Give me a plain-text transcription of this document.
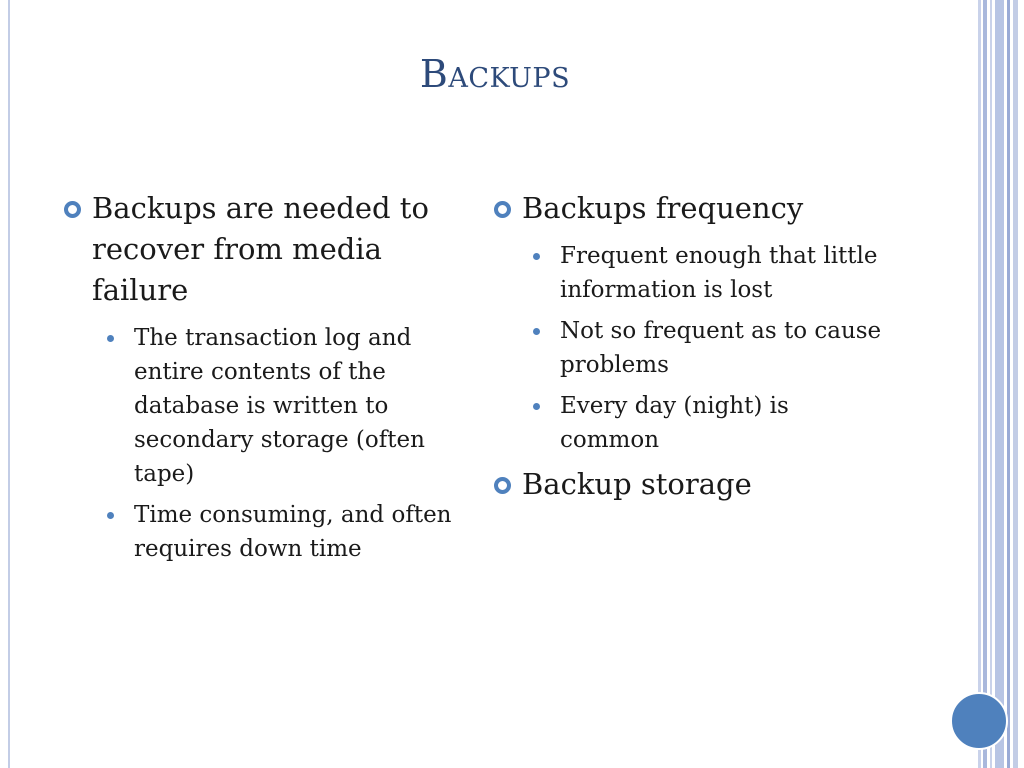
Backups
Backups are needed to recover from media failure
The transaction log and entire contents of the database is written to secondary storage (often tape)
Time consuming, and often requires down time
Backups frequency
Frequent enough that little information is lost
Not so frequent as to cause problems
Every day (night) is common
Backup storage
